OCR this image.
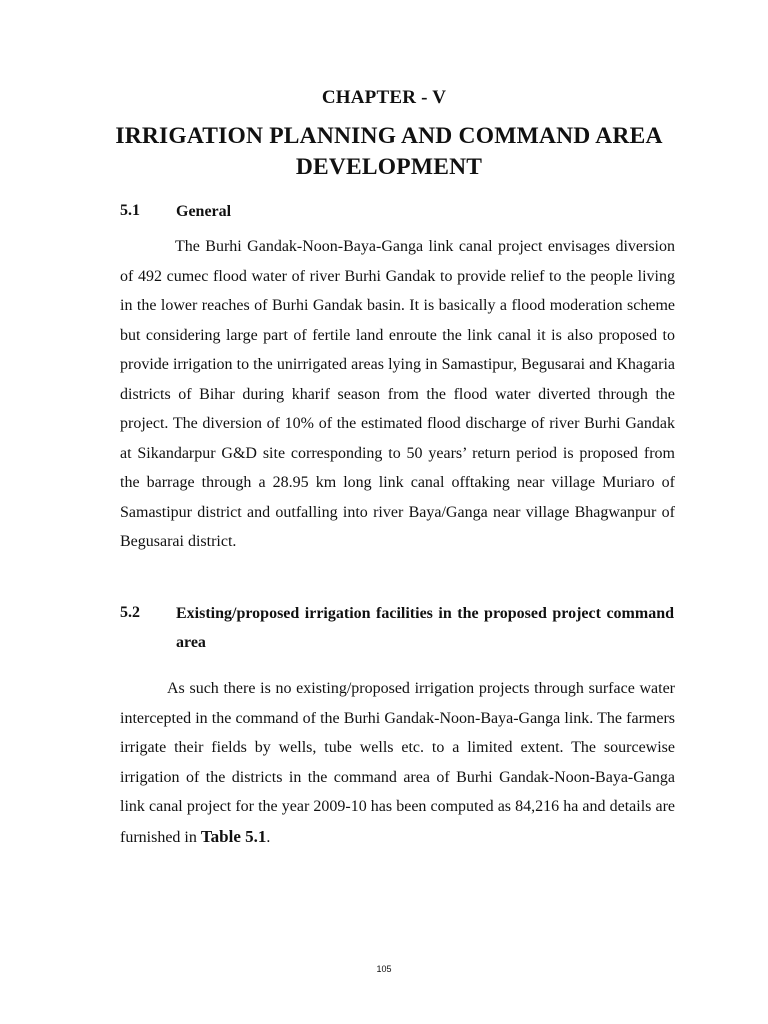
CHAPTER - V
IRRIGATION PLANNING AND COMMAND AREA DEVELOPMENT
5.1 General
The Burhi Gandak-Noon-Baya-Ganga link canal project envisages diversion of 492 cumec flood water of river Burhi Gandak to provide relief to the people living in the lower reaches of Burhi Gandak basin. It is basically a flood moderation scheme but considering large part of fertile land enroute the link canal it is also proposed to provide irrigation to the unirrigated areas lying in Samastipur, Begusarai and Khagaria districts of Bihar during kharif season from the flood water diverted through the project. The diversion of 10% of the estimated flood discharge of river Burhi Gandak at Sikandarpur G&D site corresponding to 50 years’ return period is proposed from the barrage through a 28.95 km long link canal offtaking near village Muriaro of Samastipur district and outfalling into river Baya/Ganga near village Bhagwanpur of Begusarai district.
5.2 Existing/proposed irrigation facilities in the proposed project command area
As such there is no existing/proposed irrigation projects through surface water intercepted in the command of the Burhi Gandak-Noon-Baya-Ganga link. The farmers irrigate their fields by wells, tube wells etc. to a limited extent. The sourcewise irrigation of the districts in the command area of Burhi Gandak-Noon-Baya-Ganga link canal project for the year 2009-10 has been computed as 84,216 ha and details are furnished in Table 5.1.
105
